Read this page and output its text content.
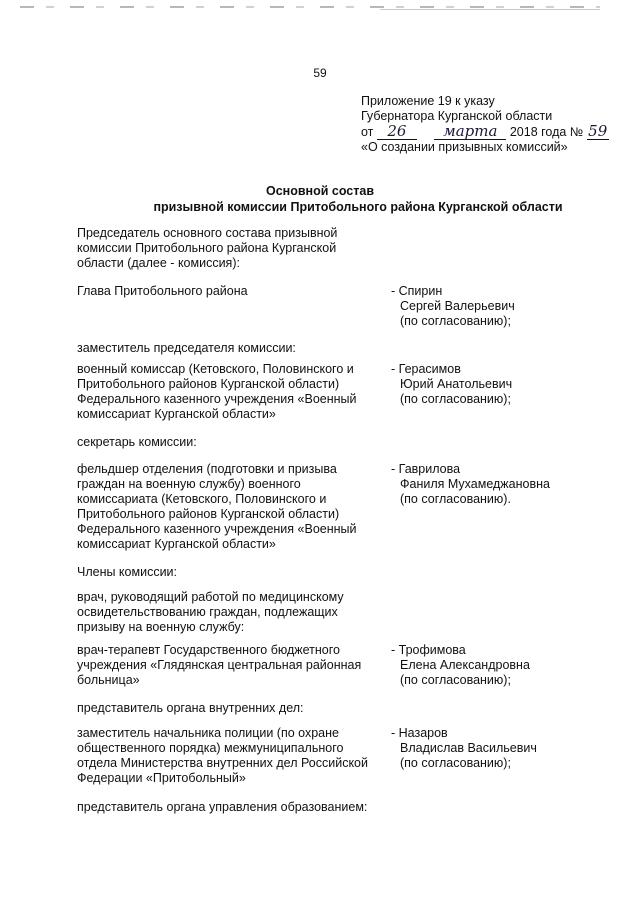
59
Приложение 19 к указу
Губернатора Курганской области
от 26 марта 2018 года № 59
«О создании призывных комиссий»
Основной состав
призывной комиссии Притобольного района Курганской области
Председатель основного состава призывной
комиссии Притобольного района Курганской
области (далее - комиссия):
Глава Притобольного района	- Спирин
Сергей Валерьевич
(по согласованию);
заместитель председателя комиссии:
военный комиссар (Кетовского, Половинского и
Притобольного районов Курганской области)
Федерального казенного учреждения «Военный
комиссариат Курганской области»
- Герасимов
Юрий Анатольевич
(по согласованию);
секретарь комиссии:
фельдшер отделения (подготовки и призыва
граждан на военную службу) военного
комиссариата (Кетовского, Половинского и
Притобольного районов Курганской области)
Федерального казенного учреждения «Военный
комиссариат Курганской области»
- Гаврилова
Фаниля Мухамеджановна
(по согласованию).
Члены комиссии:
врач, руководящий работой по медицинскому
освидетельствованию граждан, подлежащих
призыву на военную службу:
врач-терапевт Государственного бюджетного
учреждения «Глядянская центральная районная
больница»
- Трофимова
Елена Александровна
(по согласованию);
представитель органа внутренних дел:
заместитель начальника полиции (по охране
общественного порядка) межмуниципального
отдела Министерства внутренних дел Российской
Федерации «Притобольный»
- Назаров
Владислав Васильевич
(по согласованию);
представитель органа управления образованием:
